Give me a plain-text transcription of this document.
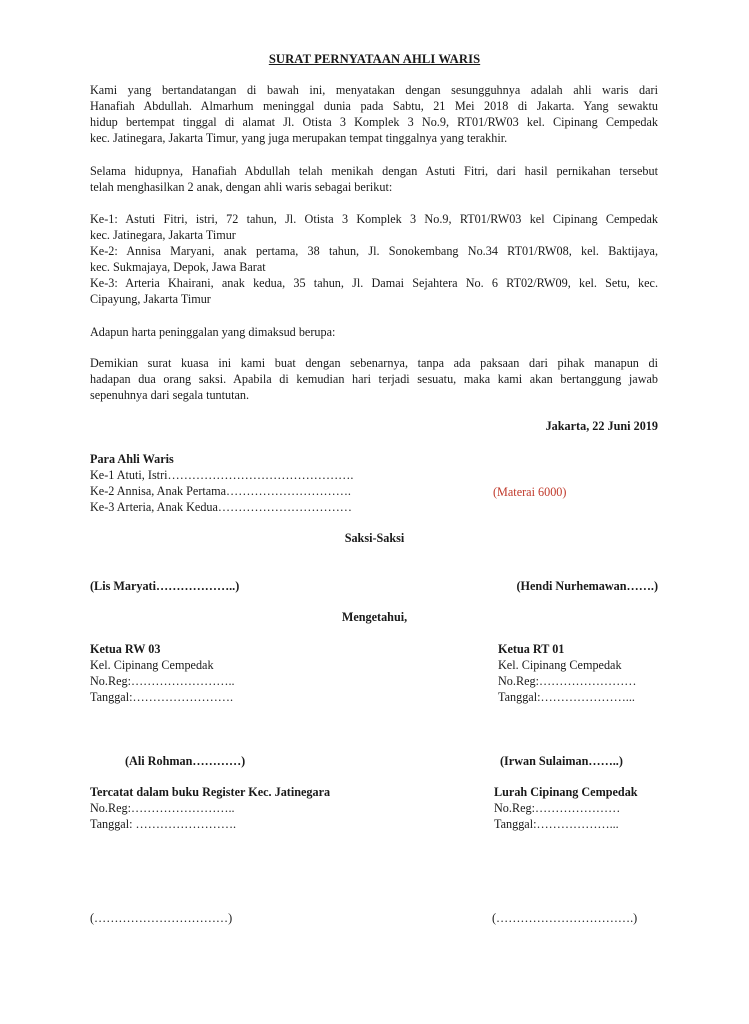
SURAT PERNYATAAN AHLI WARIS
Kami yang bertandatangan di bawah ini, menyatakan dengan sesungguhnya adalah ahli waris dari
Hanafiah Abdullah. Almarhum meninggal dunia pada Sabtu, 21 Mei 2018 di Jakarta. Yang sewaktu
hidup bertempat tinggal di alamat Jl. Otista 3 Komplek 3 No.9, RT01/RW03 kel. Cipinang Cempedak
kec. Jatinegara, Jakarta Timur, yang juga merupakan tempat tinggalnya yang terakhir.
Selama hidupnya, Hanafiah Abdullah telah menikah dengan Astuti Fitri, dari hasil pernikahan tersebut
telah menghasilkan 2 anak, dengan ahli waris sebagai berikut:
Ke-1: Astuti Fitri, istri, 72 tahun, Jl. Otista 3 Komplek 3 No.9, RT01/RW03 kel Cipinang Cempedak
kec. Jatinegara, Jakarta Timur
Ke-2: Annisa Maryani, anak pertama, 38 tahun, Jl. Sonokembang No.34 RT01/RW08, kel. Baktijaya,
kec. Sukmajaya, Depok, Jawa Barat
Ke-3: Arteria Khairani, anak kedua, 35 tahun, Jl. Damai Sejahtera No. 6 RT02/RW09, kel. Setu, kec.
Cipayung, Jakarta Timur
Adapun harta peninggalan yang dimaksud berupa:
Demikian surat kuasa ini kami buat dengan sebenarnya, tanpa ada paksaan dari pihak manapun di
hadapan dua orang saksi. Apabila di kemudian hari terjadi sesuatu, maka kami akan bertanggung jawab
sepenuhnya dari segala tuntutan.
Jakarta, 22 Juni 2019
Para Ahli Waris
Ke-1 Atuti, Istri……………………………………….
Ke-2 Annisa, Anak Pertama………………………….
Ke-3 Arteria, Anak Kedua……………………………
(Materai 6000)
Saksi-Saksi
(Lis Maryati………………..)	(Hendi Nurhemawan…….)
Mengetahui,
Ketua RW 03
Kel. Cipinang Cempedak
No.Reg:……………………..
Tanggal:…………………….
Ketua RT 01
Kel. Cipinang Cempedak
No.Reg:……………………
Tanggal:…………………...
(Ali Rohman…………)	(Irwan Sulaiman……..)
Tercatat dalam buku Register Kec. Jatinegara
No.Reg:……………………..
Tanggal: …………………….
Lurah Cipinang Cempedak
No.Reg:…………………
Tanggal:………………...
(……………………………)	(…………………………….)
